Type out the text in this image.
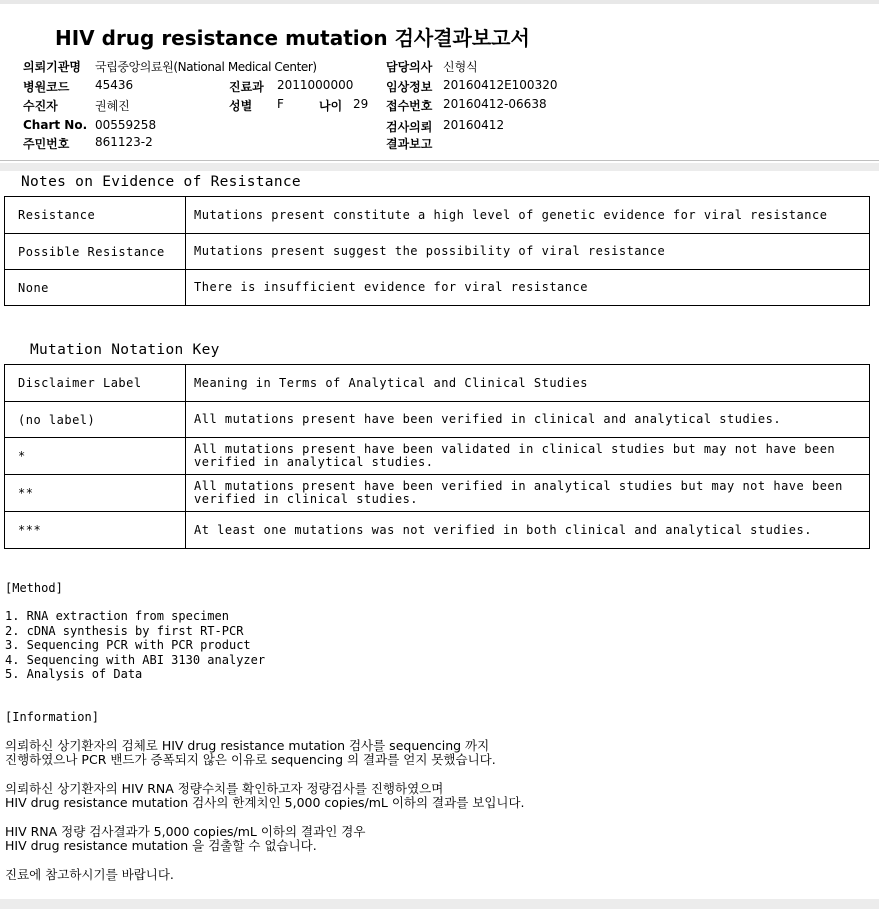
HIV drug resistance mutation 검사결과보고서
의뢰기관명 국립중앙의료원(National Medical Center)	담당의사 신형식
병원코드 45436	진료과 2011000000	임상정보 20160412E100320
수진자	권혜진	성별 F	나이 29 접수번호 20160412-06638
Chart No. 00559258	검사의뢰 20160412
주민번호 861123-2	결과보고
Notes on Evidence of Resistance
Resistance	Mutations present constitute a high level of genetic evidence for viral resistance
Possible Resistance	Mutations present suggest the possibility of viral resistance
None	There is insufficient evidence for viral resistance
Mutation Notation Key
Disclaimer Label	Meaning in Terms of Analytical and Clinical Studies
(no label)	All mutations present have been verified in clinical and analytical studies.
*	All mutations present have been validated in clinical studies but may not have been verified in analytical studies.
**	All mutations present have been verified in analytical studies but may not have been verified in clinical studies.
***	At least one mutations was not verified in both clinical and analytical studies.
[Method]
1. RNA extraction from specimen
2. cDNA synthesis by first RT-PCR
3. Sequencing PCR with PCR product
4. Sequencing with ABI 3130 analyzer
5. Analysis of Data
[Information]
의뢰하신 상기환자의 검체로 HIV drug resistance mutation 검사를 sequencing 까지
진행하였으나 PCR 밴드가 증폭되지 않은 이유로 sequencing 의 결과를 얻지 못했습니다.
의뢰하신 상기환자의 HIV RNA 정량수치를 확인하고자 정량검사를 진행하였으며
HIV drug resistance mutation 검사의 한계치인 5,000 copies/mL 이하의 결과를 보입니다.
HIV RNA 정량 검사결과가 5,000 copies/mL 이하의 결과인 경우
HIV drug resistance mutation 을 검출할 수 없습니다.
진료에 참고하시기를 바랍니다.
